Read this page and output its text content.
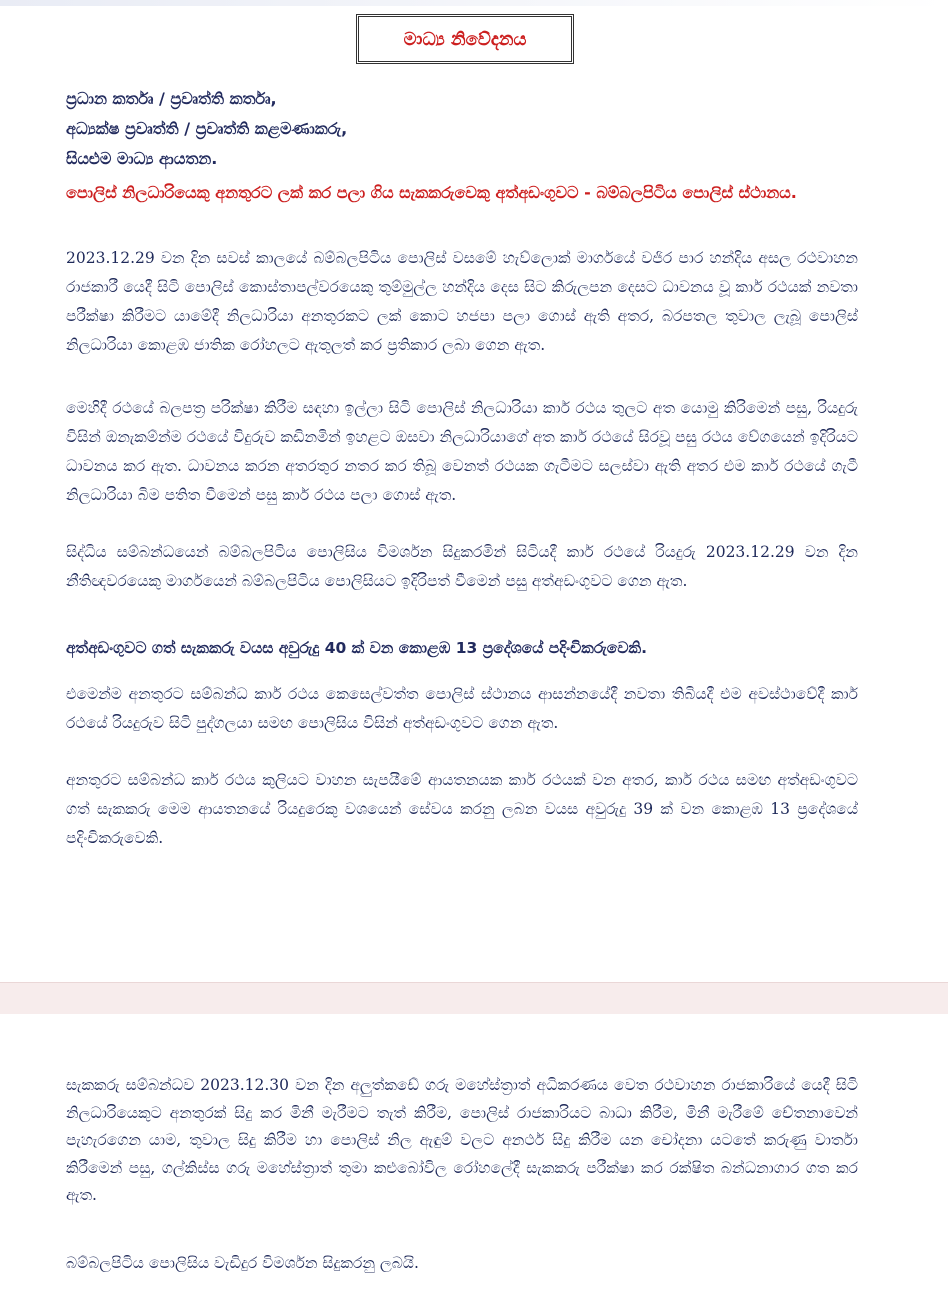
මාධ්‍ය නිවේදනය
ප්‍රධාන කර්තෘ / ප්‍රවෘත්ති කර්තෘ,
අධ්‍යක්ෂ ප්‍රවෘත්ති / ප්‍රවෘත්ති කළමණාකරු,
සියළුම මාධ්‍ය ආයතන.
පොලිස් නිලධාරියෙකු අනතුරට ලක් කර පලා ගිය සැකකරුවෙකු අත්අඩංගුවට - බම්බලපිටිය පොලිස් ස්ථානය.
2023.12.29 වන දින සවස් කාලයේ බම්බලපිටිය පොලිස් වසමේ හැව්ලොක් මාර්ගයේ වජිර පාර හන්දිය අසල රථවාහන රාජකාරී යෙදී සිටි පොලිස් කොස්තාපල්වරයෙකු තුම්මුල්ල හන්දිය දෙස සිට කිරුලපන දෙසට ධාවනය වූ කාර් රථයක් නවතා පරීක්ෂා කිරීමට යාමේදී නිලධාරියා අනතුරකට ලක් කොට හජපා පලා ගොස් ඇති අතර, බරපතල තුවාල ලැබූ පොලිස් නිලධාරියා කොළඹ ජාතික රෝහලට ඇතුලත් කර ප්‍රතිකාර ලබා ගෙන ඇත.
මෙහිදී රථයේ බලපත්‍ර පරික්ෂා කිරීම සඳහා ඉල්ලා සිටි පොලිස් නිලධාරියා කාර් රථය තුලට අත යොමු කිරිමෙන් පසු, රියදුරු විසින් ඔනැකම්න්ම රථයේ විදුරුව කඩිනමින් ඉහළට ඔසවා නිලධාරියාගේ අත කාර් රථයේ සිරවූ පසු රථය වේගයෙන් ඉදිරියට ධාවනය කර ඇත. ධාවනය කරන අතරතුර නතර කර තිබූ වෙනත් රථයක ගැටීමට සලස්වා ඇති අතර එම කාර් රථයේ ගැටී නිලධාරියා බිම පතිත වීමෙන් පසු කාර් රථය පලා ගොස් ඇත.
සිද්ධිය සම්බන්ධයෙන් බම්බලපිටිය පොලිසිය විමර්ශන සිදුකරමින් සිටියදී කාර් රථයේ රියදුරු 2023.12.29 වන දින නීතිඥවරයෙකු මාර්ගයෙන් බම්බලපිටිය පොලිසියට ඉදිරිපත් වීමෙන් පසු අත්අඩංගුවට ගෙන ඇත.
අත්අඩංගුවට ගත් සැකකරු වයස අවුරුදු 40 ක් වන කොළඹ 13 ප්‍රදේශයේ පදිංචිකරුවෙකි.
එමෙන්ම අනතුරට සම්බන්ධ කාර් රථය කෙසෙල්වත්ත පොලිස් ස්ථානය ආසන්නයේදී නවතා තිබියදී එම අවස්ථාවේදී කාර් රථයේ රියදුරුව සිටි පුද්ගලයා සමඟ පොලිසිය විසින් අත්අඩංගුවට ගෙන ඇත.
අනතුරට සම්බන්ධ කාර් රථය කුලියට වාහන සැපයීමේ ආයතනයක කාර් රථයක් වන අතර, කාර් රථය සමඟ අත්අඩංගුවට ගත් සැකකරු මෙම ආයතනයේ රියදුරෙකු වශයෙන් සේවය කරනු ලබන වයස අවුරුදු 39 ක් වන කොළඹ 13 ප්‍රදේශයේ පදිංචිකරුවෙකි.
සැකකරු සම්බන්ධව 2023.12.30 වන දින අලුත්කඩේ ගරු මහේස්ත්‍රාත් අධිකරණය වෙත රථවාහන රාජකාරියේ යෙදී සිටි නිලධාරියෙකුට අනතුරක් සිදු කර මිනී මැරීමට තැත් කිරීම, පොලිස් රාජකාරියට බාධා කිරීම, මිනී මැරීමේ චේතනාවෙන් පැහැරගෙන යාම, තුවාල සිදු කිරීම හා පොලිස් නිල ඇඳුම් වලට අනර්ථ සිදු කිරීම යන චෝදනා යටතේ කරුණු වාර්තා කිරීමෙන් පසු, ගල්කිස්ස ගරු මහේස්ත්‍රාත් තුමා කළුබෝවිල රෝහලේදී සැකකරු පරීක්ෂා කර රක්ෂිත බන්ධනාගාර ගත කර ඇත.
බම්බලපිටිය පොලිසිය වැඩිදුර විමර්ශන සිදුකරනු ලබයි.
